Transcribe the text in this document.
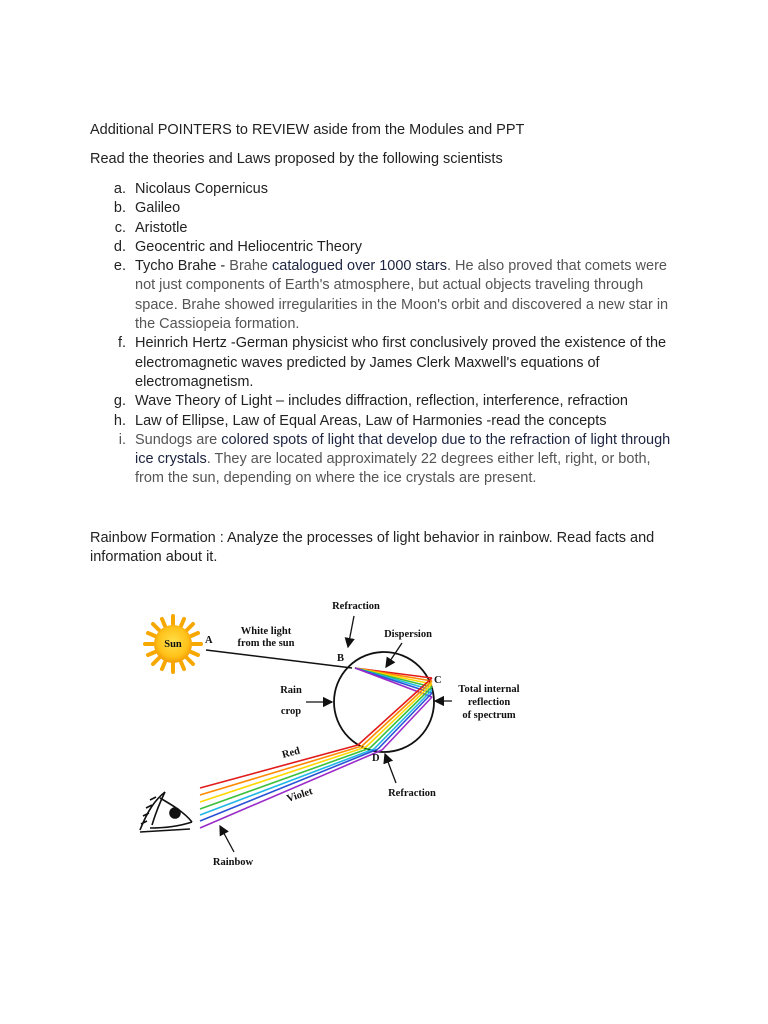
Additional POINTERS to REVIEW aside from the Modules and PPT
Read the theories and Laws proposed by the following scientists
a. Nicolaus Copernicus
b. Galileo
c. Aristotle
d. Geocentric and Heliocentric Theory
e. Tycho Brahe - Brahe catalogued over 1000 stars. He also proved that comets were not just components of Earth's atmosphere, but actual objects traveling through space. Brahe showed irregularities in the Moon's orbit and discovered a new star in the Cassiopeia formation.
f. Heinrich Hertz -German physicist who first conclusively proved the existence of the electromagnetic waves predicted by James Clerk Maxwell's equations of electromagnetism.
g. Wave Theory of Light – includes diffraction, reflection, interference, refraction
h. Law of Ellipse, Law of Equal Areas, Law of Harmonies -read the concepts
i. Sundogs are colored spots of light that develop due to the refraction of light through ice crystals. They are located approximately 22 degrees either left, right, or both, from the sun, depending on where the ice crystals are present.
Rainbow Formation : Analyze the processes of light behavior in rainbow. Read facts and information about it.
Sun A
White light
from the sun
B
C
D
Refraction
Dispersion
Rain
crop
Total internal
reflection
of spectrum
Red
Violet	Refraction
Rainbow
